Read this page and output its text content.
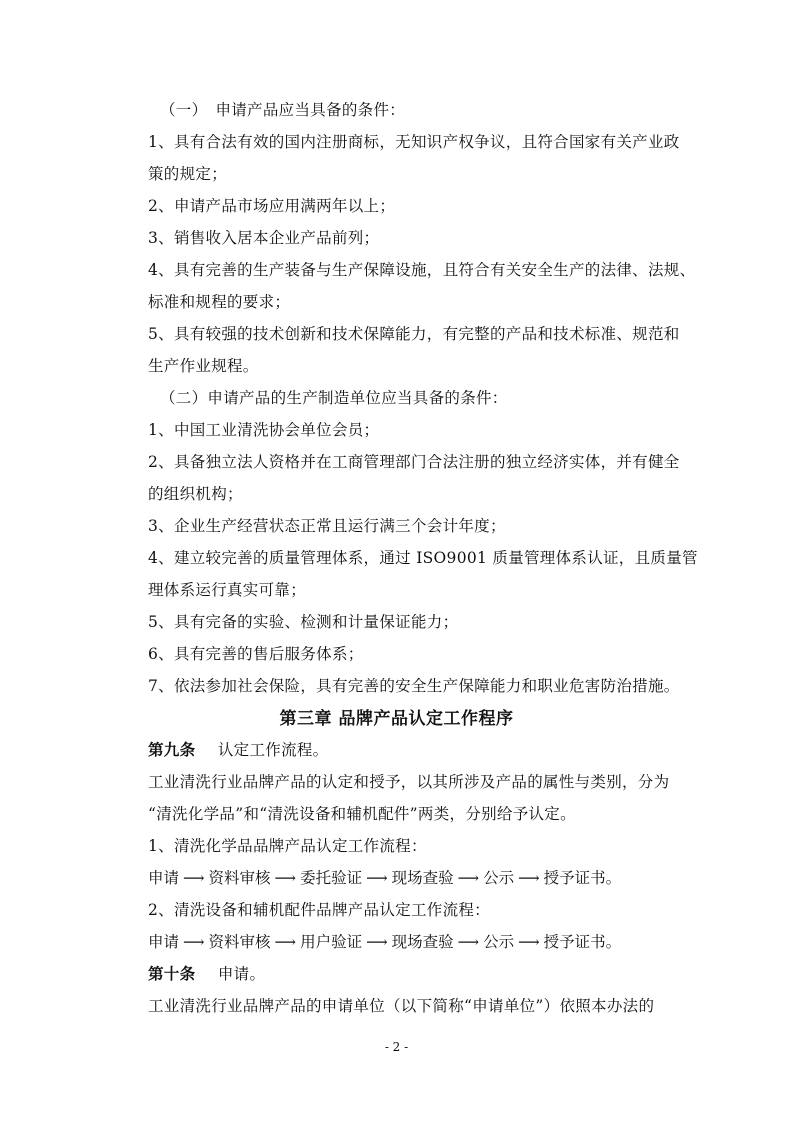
（一）　申请产品应当具备的条件：
1、具有合法有效的国内注册商标，无知识产权争议，且符合国家有关产业政
策的规定；
2、申请产品市场应用满两年以上；
3、销售收入居本企业产品前列；
4、具有完善的生产装备与生产保障设施，且符合有关安全生产的法律、法规、
标准和规程的要求；
5、具有较强的技术创新和技术保障能力，有完整的产品和技术标准、规范和
生产作业规程。
（二）申请产品的生产制造单位应当具备的条件：
1、中国工业清洗协会单位会员；
2、具备独立法人资格并在工商管理部门合法注册的独立经济实体，并有健全
的组织机构；
3、企业生产经营状态正常且运行满三个会计年度；
4、建立较完善的质量管理体系，通过 ISO9001 质量管理体系认证，且质量管
理体系运行真实可靠；
5、具有完备的实验、检测和计量保证能力；
6、具有完善的售后服务体系；
7、依法参加社会保险，具有完善的安全生产保障能力和职业危害防治措施。
第三章 品牌产品认定工作程序
第九条 认定工作流程。
工业清洗行业品牌产品的认定和授予，以其所涉及产品的属性与类别，分为
“清洗化学品”和“清洗设备和辅机配件”两类，分别给予认定。
1、清洗化学品品牌产品认定工作流程：
申请 ⟶ 资料审核 ⟶ 委托验证 ⟶ 现场查验 ⟶ 公示 ⟶ 授予证书。
2、清洗设备和辅机配件品牌产品认定工作流程：
申请 ⟶ 资料审核 ⟶ 用户验证 ⟶ 现场查验 ⟶ 公示 ⟶ 授予证书。
第十条 申请。
工业清洗行业品牌产品的申请单位（以下简称“申请单位”）依照本办法的
- 2 -
